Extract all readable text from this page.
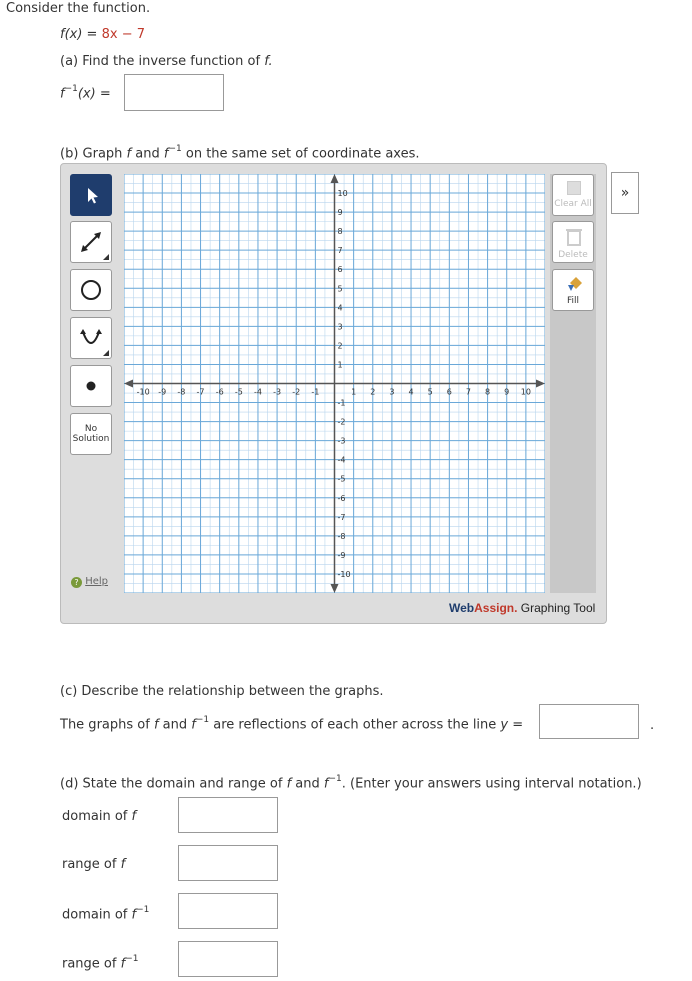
Consider the function.
f(x) = 8x − 7
(a) Find the inverse function of f.
$f^{-1}(x)$ =
(b) Graph f and $f^{-1}$ on the same set of coordinate axes.
No
Solution
? Help
-10 -9 -8 -7 -6 -5 -4 -3 -2 -1	1 2 3 4 5 6 7 8 9 10
10
9
8
7
6
5
4
3
2
1
-1
-2
-3
-4
-5
-6
-7
-8
-9
-10
Clear All
Delete
Fill
»
WebAssign. Graphing Tool
(c) Describe the relationship between the graphs.
The graphs of f and $f^{-1}$ are reflections of each other across the line y =	.
(d) State the domain and range of f and $f^{-1}$. (Enter your answers using interval notation.)
domain of f
range of f
domain of $f^{-1}$
range of $f^{-1}$
